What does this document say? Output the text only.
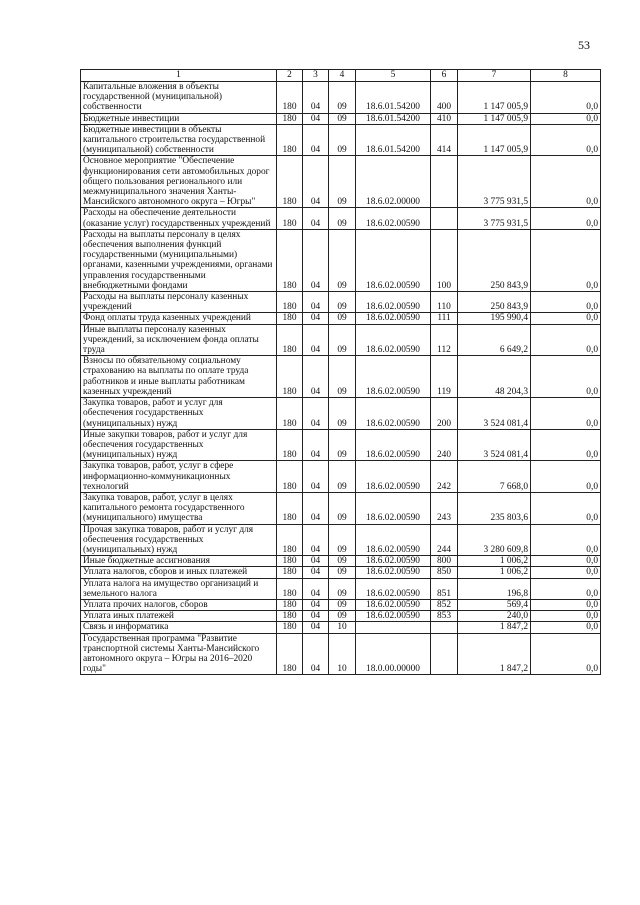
53
1	2	3	4	5	6	7	8
Капитальные вложения в объекты государственной (муниципальной) собственности	180	04	09	18.6.01.54200	400	1 147 005,9	0,0
Бюджетные инвестиции	180	04	09	18.6.01.54200	410	1 147 005,9	0,0
Бюджетные инвестиции в объекты капитального строительства государственной (муниципальной) собственности	180	04	09	18.6.01.54200	414	1 147 005,9	0,0
Основное мероприятие "Обеспечение функционирования сети автомобильных дорог общего пользования регионального или межмуниципального значения Ханты-Мансийского автономного округа – Югры"	180	04	09	18.6.02.00000		3 775 931,5	0,0
Расходы на обеспечение деятельности (оказание услуг) государственных учреждений	180	04	09	18.6.02.00590		3 775 931,5	0,0
Расходы на выплаты персоналу в целях обеспечения выполнения функций государственными (муниципальными) органами, казенными учреждениями, органами управления государственными внебюджетными фондами	180	04	09	18.6.02.00590	100	250 843,9	0,0
Расходы на выплаты персоналу казенных учреждений	180	04	09	18.6.02.00590	110	250 843,9	0,0
Фонд оплаты труда казенных учреждений	180	04	09	18.6.02.00590	111	195 990,4	0,0
Иные выплаты персоналу казенных учреждений, за исключением фонда оплаты труда	180	04	09	18.6.02.00590	112	6 649,2	0,0
Взносы по обязательному социальному страхованию на выплаты по оплате труда работников и иные выплаты работникам казенных учреждений	180	04	09	18.6.02.00590	119	48 204,3	0,0
Закупка товаров, работ и услуг для обеспечения государственных (муниципальных) нужд	180	04	09	18.6.02.00590	200	3 524 081,4	0,0
Иные закупки товаров, работ и услуг для обеспечения государственных (муниципальных) нужд	180	04	09	18.6.02.00590	240	3 524 081,4	0,0
Закупка товаров, работ, услуг в сфере информационно-коммуникационных технологий	180	04	09	18.6.02.00590	242	7 668,0	0,0
Закупка товаров, работ, услуг в целях капитального ремонта государственного (муниципального) имущества	180	04	09	18.6.02.00590	243	235 803,6	0,0
Прочая закупка товаров, работ и услуг для обеспечения государственных (муниципальных) нужд	180	04	09	18.6.02.00590	244	3 280 609,8	0,0
Иные бюджетные ассигнования	180	04	09	18.6.02.00590	800	1 006,2	0,0
Уплата налогов, сборов и иных платежей	180	04	09	18.6.02.00590	850	1 006,2	0,0
Уплата налога на имущество организаций и земельного налога	180	04	09	18.6.02.00590	851	196,8	0,0
Уплата прочих налогов, сборов	180	04	09	18.6.02.00590	852	569,4	0,0
Уплата иных платежей	180	04	09	18.6.02.00590	853	240,0	0,0
Связь и информатика	180	04	10			1 847,2	0,0
Государственная программа "Развитие транспортной системы Ханты-Мансийского автономного округа – Югры на 2016–2020 годы"	180	04	10	18.0.00.00000		1 847,2	0,0
